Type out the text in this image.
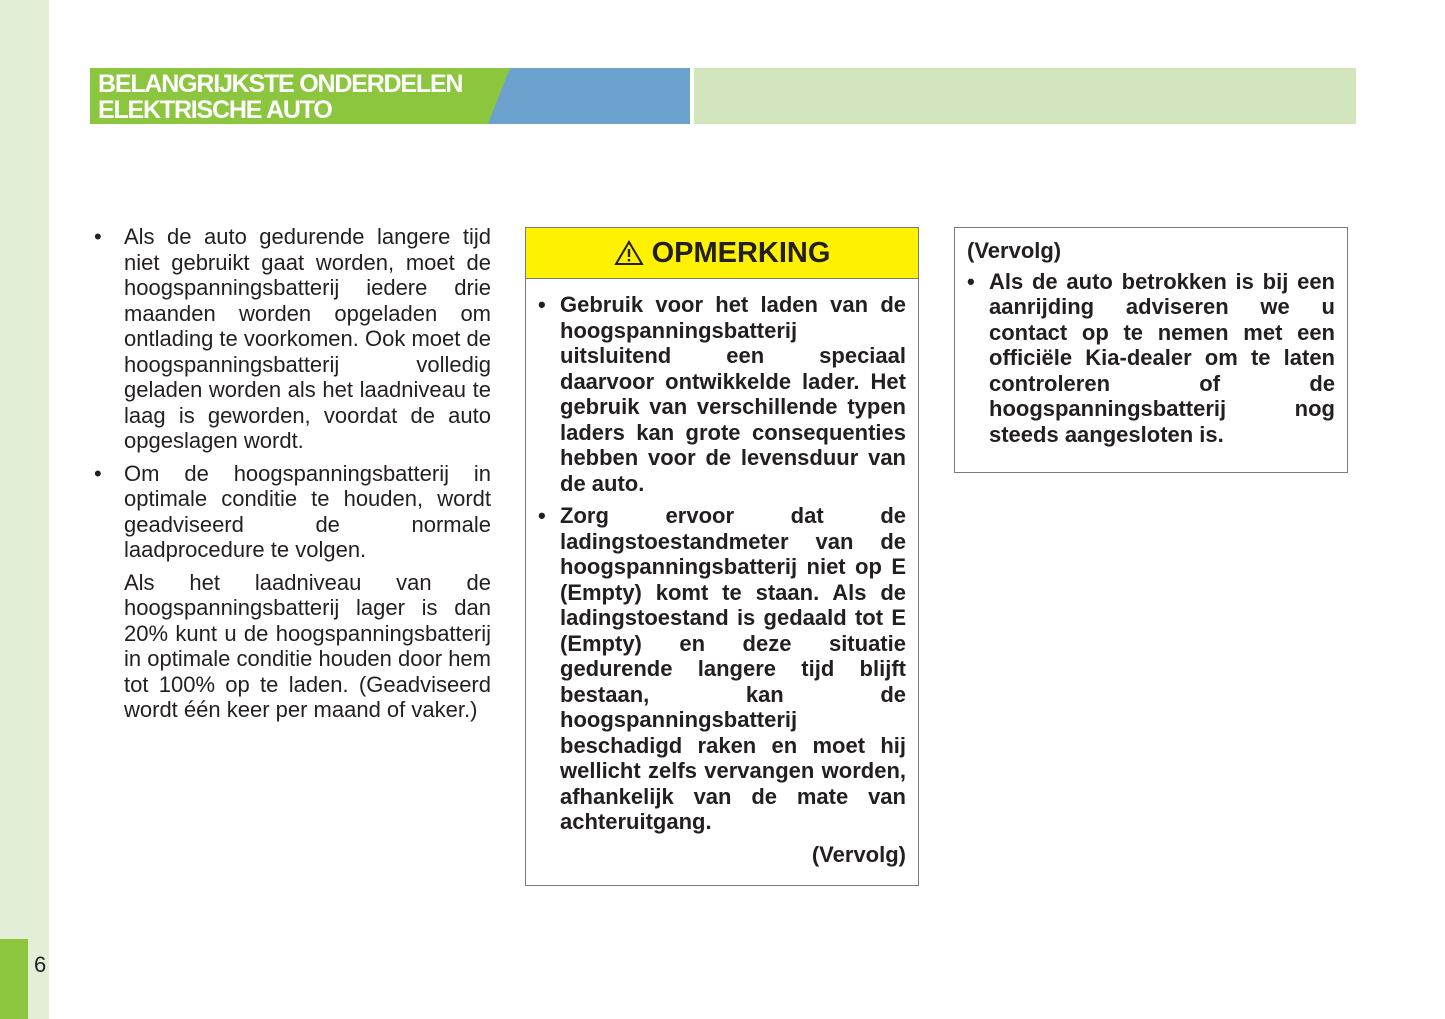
6
BELANGRIJKSTE ONDERDELEN
ELEKTRISCHE AUTO

• Als de auto gedurende langere tijd niet gebruikt gaat worden, moet de hoogspanningsbatterij iedere drie maanden worden opgeladen om ontlading te voorkomen. Ook moet de hoogspanningsbatterij volledig geladen worden als het laadniveau te laag is geworden, voordat de auto opgeslagen wordt.

• Om de hoogspanningsbatterij in optimale conditie te houden, wordt geadviseerd de normale laadprocedure te volgen.

Als het laadniveau van de hoogspanningsbatterij lager is dan 20% kunt u de hoogspanningsbatterij in optimale conditie houden door hem tot 100% op te laden. (Geadviseerd wordt één keer per maand of vaker.)

OPMERKING

• Gebruik voor het laden van de hoogspanningsbatterij uitsluitend een speciaal daarvoor ontwikkelde lader. Het gebruik van verschillende typen laders kan grote consequenties hebben voor de levensduur van de auto.

• Zorg ervoor dat de ladingstoestandmeter van de hoogspanningsbatterij niet op E (Empty) komt te staan. Als de ladingstoestand is gedaald tot E (Empty) en deze situatie gedurende langere tijd blijft bestaan, kan de hoogspanningsbatterij beschadigd raken en moet hij wellicht zelfs vervangen worden, afhankelijk van de mate van achteruitgang.

(Vervolg)

(Vervolg)

• Als de auto betrokken is bij een aanrijding adviseren we u contact op te nemen met een officiële Kia-dealer om te laten controleren of de hoogspanningsbatterij nog steeds aangesloten is.
